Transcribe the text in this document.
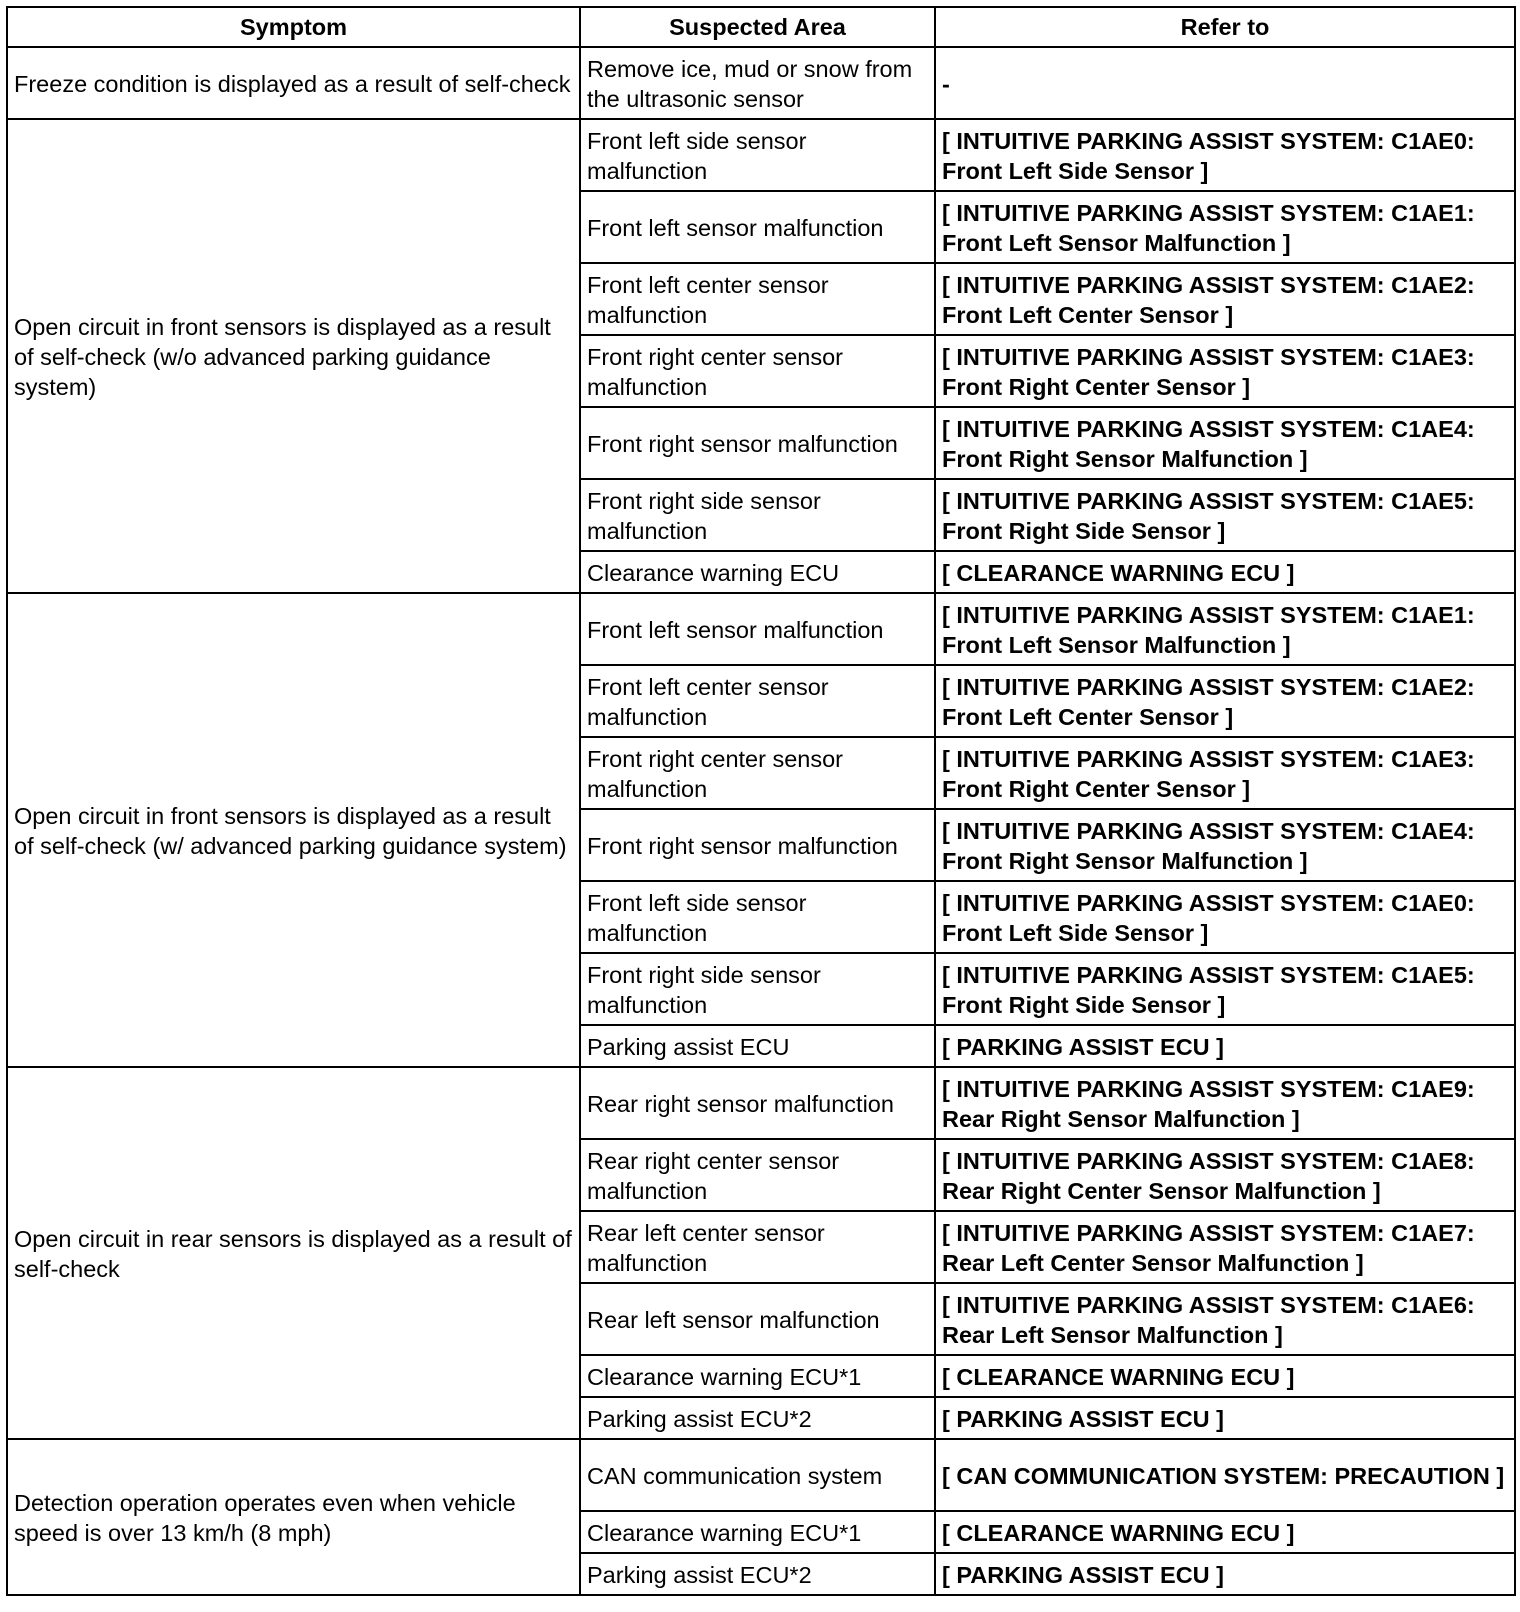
Symptom	Suspected Area	Refer to
Freeze condition is displayed as a result of self-check	Remove ice, mud or snow from the ultrasonic sensor	-
Open circuit in front sensors is displayed as a result of self-check (w/o advanced parking guidance system)	Front left side sensor malfunction	[ INTUITIVE PARKING ASSIST SYSTEM: C1AE0: Front Left Side Sensor ]
	Front left sensor malfunction	[ INTUITIVE PARKING ASSIST SYSTEM: C1AE1: Front Left Sensor Malfunction ]
	Front left center sensor malfunction	[ INTUITIVE PARKING ASSIST SYSTEM: C1AE2: Front Left Center Sensor ]
	Front right center sensor malfunction	[ INTUITIVE PARKING ASSIST SYSTEM: C1AE3: Front Right Center Sensor ]
	Front right sensor malfunction	[ INTUITIVE PARKING ASSIST SYSTEM: C1AE4: Front Right Sensor Malfunction ]
	Front right side sensor malfunction	[ INTUITIVE PARKING ASSIST SYSTEM: C1AE5: Front Right Side Sensor ]
	Clearance warning ECU	[ CLEARANCE WARNING ECU ]
Open circuit in front sensors is displayed as a result of self-check (w/ advanced parking guidance system)	Front left sensor malfunction	[ INTUITIVE PARKING ASSIST SYSTEM: C1AE1: Front Left Sensor Malfunction ]
	Front left center sensor malfunction	[ INTUITIVE PARKING ASSIST SYSTEM: C1AE2: Front Left Center Sensor ]
	Front right center sensor malfunction	[ INTUITIVE PARKING ASSIST SYSTEM: C1AE3: Front Right Center Sensor ]
	Front right sensor malfunction	[ INTUITIVE PARKING ASSIST SYSTEM: C1AE4: Front Right Sensor Malfunction ]
	Front left side sensor malfunction	[ INTUITIVE PARKING ASSIST SYSTEM: C1AE0: Front Left Side Sensor ]
	Front right side sensor malfunction	[ INTUITIVE PARKING ASSIST SYSTEM: C1AE5: Front Right Side Sensor ]
	Parking assist ECU	[ PARKING ASSIST ECU ]
Open circuit in rear sensors is displayed as a result of self-check	Rear right sensor malfunction	[ INTUITIVE PARKING ASSIST SYSTEM: C1AE9: Rear Right Sensor Malfunction ]
	Rear right center sensor malfunction	[ INTUITIVE PARKING ASSIST SYSTEM: C1AE8: Rear Right Center Sensor Malfunction ]
	Rear left center sensor malfunction	[ INTUITIVE PARKING ASSIST SYSTEM: C1AE7: Rear Left Center Sensor Malfunction ]
	Rear left sensor malfunction	[ INTUITIVE PARKING ASSIST SYSTEM: C1AE6: Rear Left Sensor Malfunction ]
	Clearance warning ECU*1	[ CLEARANCE WARNING ECU ]
	Parking assist ECU*2	[ PARKING ASSIST ECU ]
Detection operation operates even when vehicle speed is over 13 km/h (8 mph)	CAN communication system	[ CAN COMMUNICATION SYSTEM: PRECAUTION ]
	Clearance warning ECU*1	[ CLEARANCE WARNING ECU ]
	Parking assist ECU*2	[ PARKING ASSIST ECU ]
